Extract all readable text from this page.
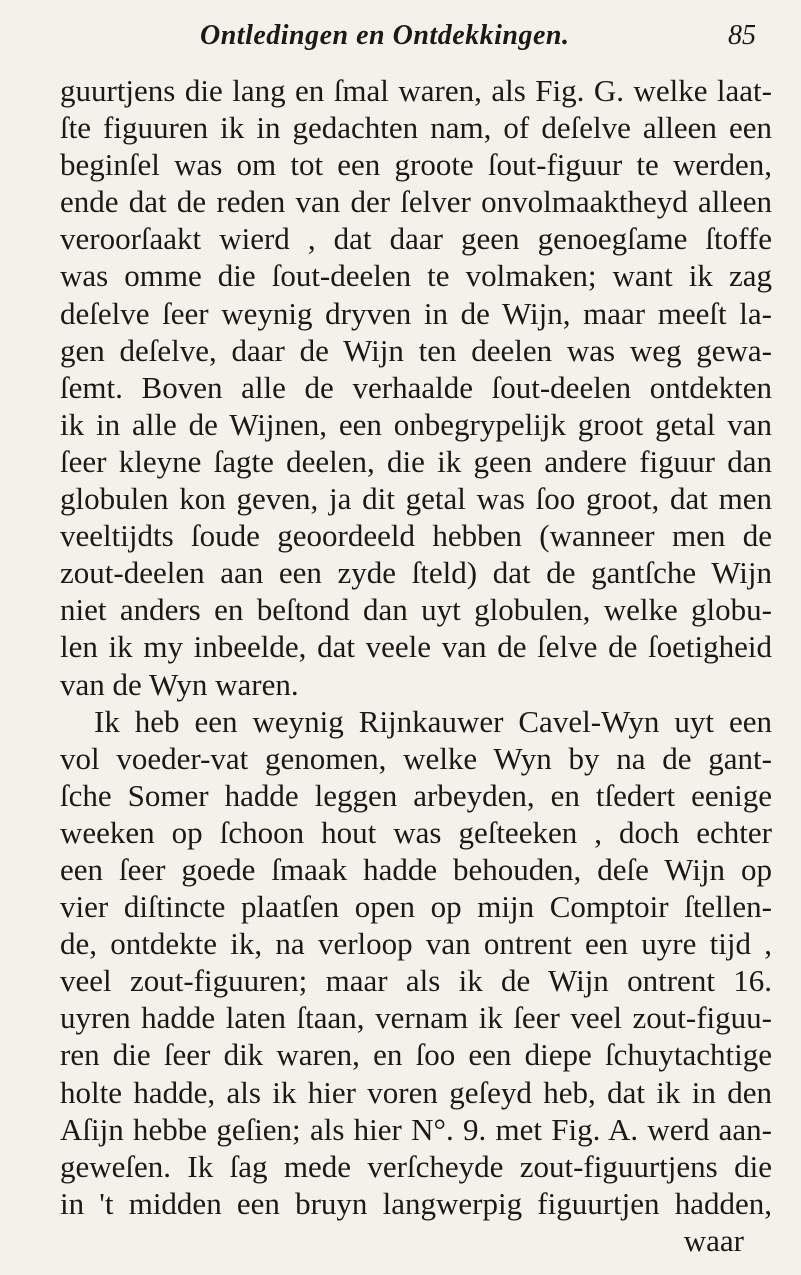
Ontledingen en Ontdekkingen.	85
guurtjens die lang en ſmal waren, als Fig. G. welke laat-
ſte figuuren ik in gedachten nam, of deſelve alleen een
beginſel was om tot een groote ſout-figuur te werden,
ende dat de reden van der ſelver onvolmaaktheyd alleen
veroorſaakt wierd , dat daar geen genoegſame ſtoffe
was omme die ſout-deelen te volmaken; want ik zag
deſelve ſeer weynig dryven in de Wijn, maar meeſt la-
gen deſelve, daar de Wijn ten deelen was weg gewa-
ſemt. Boven alle de verhaalde ſout-deelen ontdekten
ik in alle de Wijnen, een onbegrypelijk groot getal van
ſeer kleyne ſagte deelen, die ik geen andere figuur dan
globulen kon geven, ja dit getal was ſoo groot, dat men
veeltijdts ſoude geoordeeld hebben (wanneer men de
zout-deelen aan een zyde ſteld) dat de gantſche Wijn
niet anders en beſtond dan uyt globulen, welke globu-
len ik my inbeelde, dat veele van de ſelve de ſoetigheid
van de Wyn waren.
Ik heb een weynig Rijnkauwer Cavel-Wyn uyt een
vol voeder-vat genomen, welke Wyn by na de gant-
ſche Somer hadde leggen arbeyden, en tſedert eenige
weeken op ſchoon hout was geſteeken , doch echter
een ſeer goede ſmaak hadde behouden, deſe Wijn op
vier diſtincte plaatſen open op mijn Comptoir ſtellen-
de, ontdekte ik, na verloop van ontrent een uyre tijd ,
veel zout-figuuren; maar als ik de Wijn ontrent 16.
uyren hadde laten ſtaan, vernam ik ſeer veel zout-figuu-
ren die ſeer dik waren, en ſoo een diepe ſchuytachtige
holte hadde, als ik hier voren geſeyd heb, dat ik in den
Aſijn hebbe geſien; als hier N°. 9. met Fig. A. werd aan-
geweſen. Ik ſag mede verſcheyde zout-figuurtjens die
in 't midden een bruyn langwerpig figuurtjen hadden,
waar
